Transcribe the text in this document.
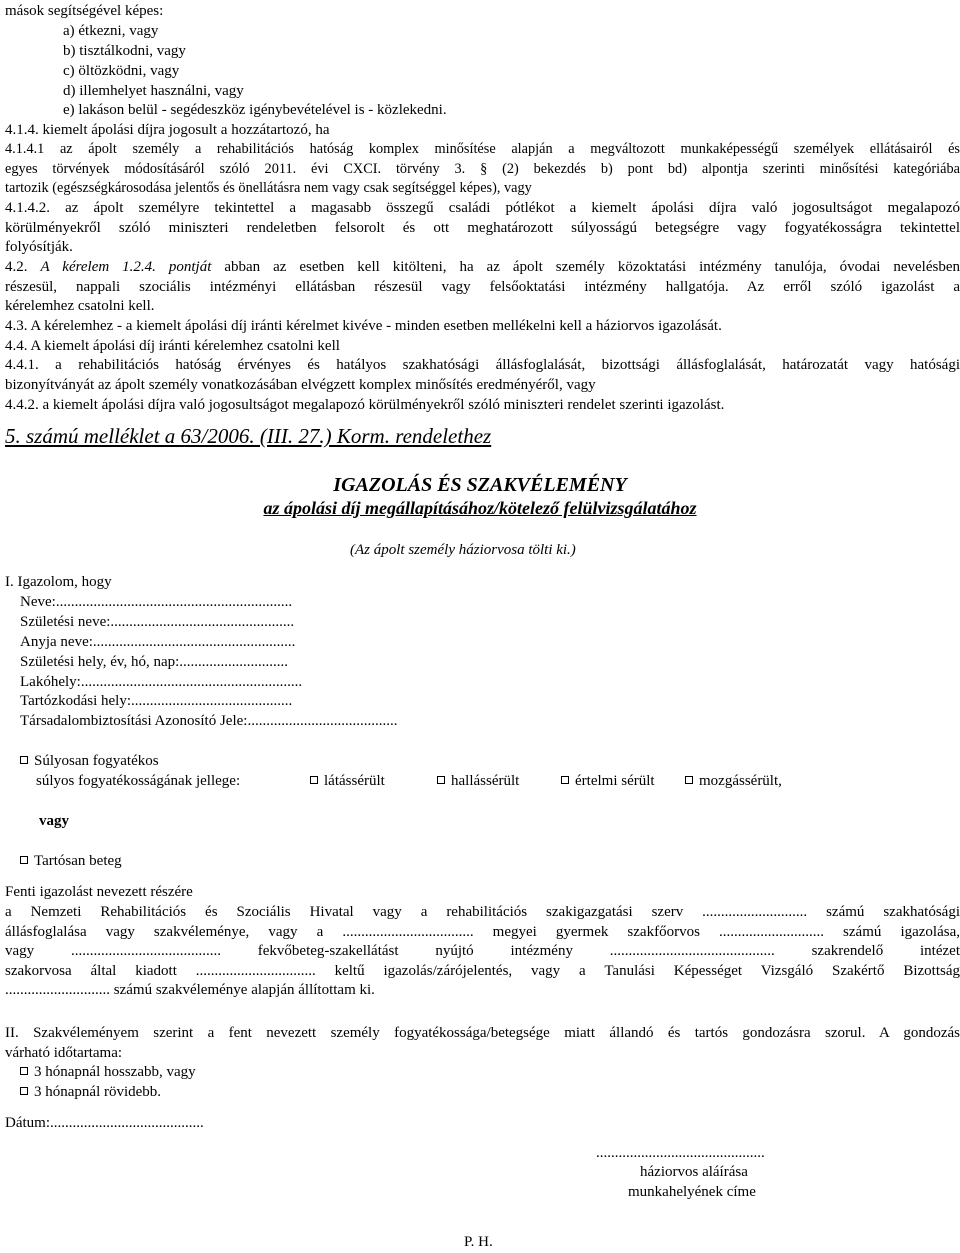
mások segítségével képes:
a) étkezni, vagy
b) tisztálkodni, vagy
c) öltözködni, vagy
d) illemhelyet használni, vagy
e) lakáson belül - segédeszköz igénybevételével is - közlekedni.
4.1.4. kiemelt ápolási díjra jogosult a hozzátartozó, ha
4.1.4.1 az ápolt személy a rehabilitációs hatóság komplex minősítése alapján a megváltozott munkaképességű személyek ellátásairól és
egyes törvények módosításáról szóló 2011. évi CXCI. törvény 3. § (2) bekezdés b) pont bd) alpontja szerinti minősítési kategóriába
tartozik (egészségkárosodása jelentős és önellátásra nem vagy csak segítséggel képes), vagy
4.1.4.2. az ápolt személyre tekintettel a magasabb összegű családi pótlékot a kiemelt ápolási díjra való jogosultságot megalapozó
körülményekről szóló miniszteri rendeletben felsorolt és ott meghatározott súlyosságú betegségre vagy fogyatékosságra tekintettel
folyósítják.
4.2. A kérelem 1.2.4. pontját abban az esetben kell kitölteni, ha az ápolt személy közoktatási intézmény tanulója, óvodai nevelésben
részesül, nappali szociális intézményi ellátásban részesül vagy felsőoktatási intézmény hallgatója. Az erről szóló igazolást a
kérelemhez csatolni kell.
4.3. A kérelemhez - a kiemelt ápolási díj iránti kérelmet kivéve - minden esetben mellékelni kell a háziorvos igazolását.
4.4. A kiemelt ápolási díj iránti kérelemhez csatolni kell
4.4.1. a rehabilitációs hatóság érvényes és hatályos szakhatósági állásfoglalását, bizottsági állásfoglalását, határozatát vagy hatósági
bizonyítványát az ápolt személy vonatkozásában elvégzett komplex minősítés eredményéről, vagy
4.4.2. a kiemelt ápolási díjra való jogosultságot megalapozó körülményekről szóló miniszteri rendelet szerinti igazolást.
5. számú melléklet a 63/2006. (III. 27.) Korm. rendelethez
IGAZOLÁS ÉS SZAKVÉLEMÉNY
az ápolási díj megállapításához/kötelező felülvizsgálatához
(Az ápolt személy háziorvosa tölti ki.)
I. Igazolom, hogy
Neve:...............................................................
Születési neve:.................................................
Anyja neve:......................................................
Születési hely, év, hó, nap:.............................
Lakóhely:...........................................................
Tartózkodási hely:...........................................
Társadalombiztosítási Azonosító Jele:........................................
Súlyosan fogyatékos
súlyos fogyatékosságának jellege:	látássérült	hallássérült	értelmi sérült	mozgássérült,
vagy
Tartósan beteg
Fenti igazolást nevezett részére
a Nemzeti Rehabilitációs és Szociális Hivatal vagy a rehabilitációs szakigazgatási szerv ............................ számú szakhatósági
állásfoglalása vagy szakvéleménye, vagy a ................................... megyei gyermek szakfőorvos ............................ számú igazolása,
vagy ........................................ fekvőbeteg-szakellátást nyújtó intézmény ............................................ szakrendelő intézet
szakorvosa által kiadott ................................ keltű igazolás/zárójelentés, vagy a Tanulási Képességet Vizsgáló Szakértő Bizottság
............................ számú szakvéleménye alapján állítottam ki.
II. Szakvéleményem szerint a fent nevezett személy fogyatékossága/betegsége miatt állandó és tartós gondozásra szorul. A gondozás
várható időtartama:
3 hónapnál hosszabb, vagy
3 hónapnál rövidebb.
Dátum:.........................................
.............................................
háziorvos aláírása
munkahelyének címe
P. H.
